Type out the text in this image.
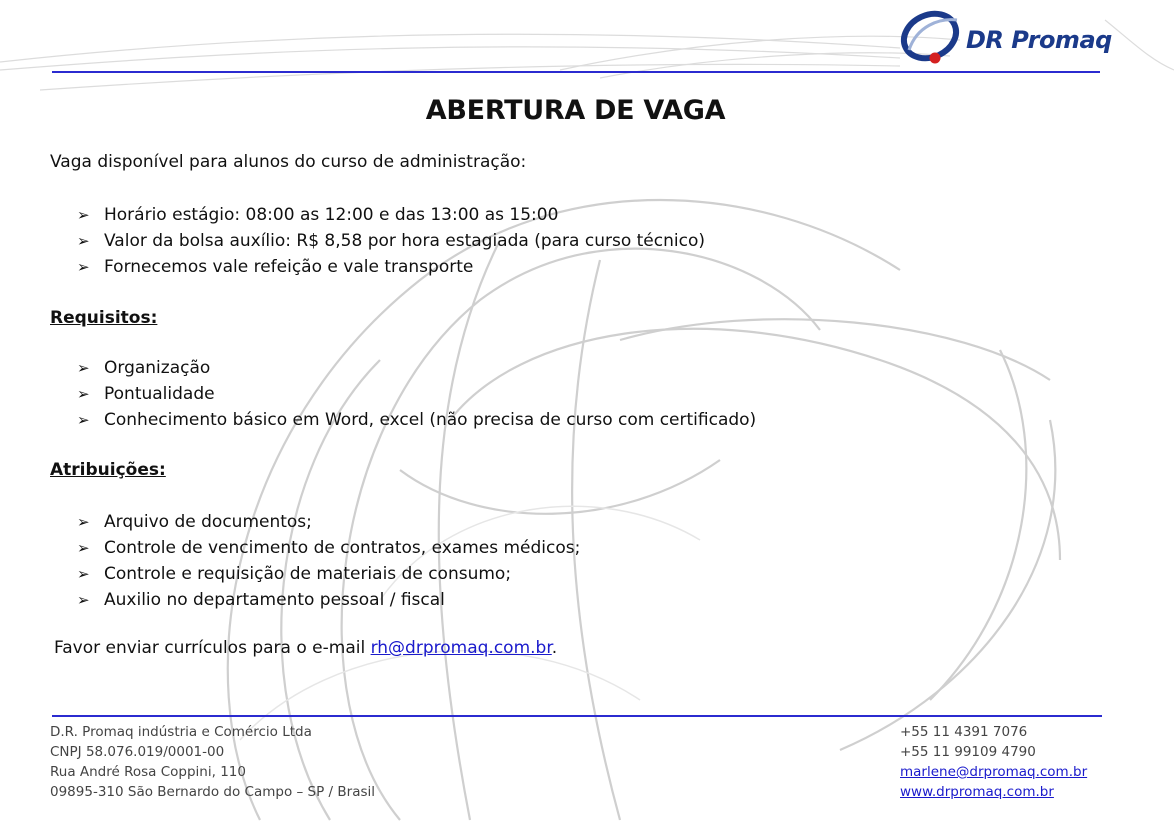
DR Promaq
ABERTURA DE VAGA
Vaga disponível para alunos do curso de administração:
➢ Horário estágio: 08:00 as 12:00 e das 13:00 as 15:00
➢ Valor da bolsa auxílio: R$ 8,58 por hora estagiada (para curso técnico)
➢ Fornecemos vale refeição e vale transporte
Requisitos:
➢ Organização
➢ Pontualidade
➢ Conhecimento básico em Word, excel (não precisa de curso com certificado)
Atribuições:
➢ Arquivo de documentos;
➢ Controle de vencimento de contratos, exames médicos;
➢ Controle e requisição de materiais de consumo;
➢ Auxilio no departamento pessoal / fiscal
Favor enviar currículos para o e-mail rh@drpromaq.com.br.
D.R. Promaq indústria e Comércio Ltda
CNPJ 58.076.019/0001-00
Rua André Rosa Coppini, 110
09895-310 São Bernardo do Campo – SP / Brasil
+55 11 4391 7076
+55 11 99109 4790
marlene@drpromaq.com.br
www.drpromaq.com.br
